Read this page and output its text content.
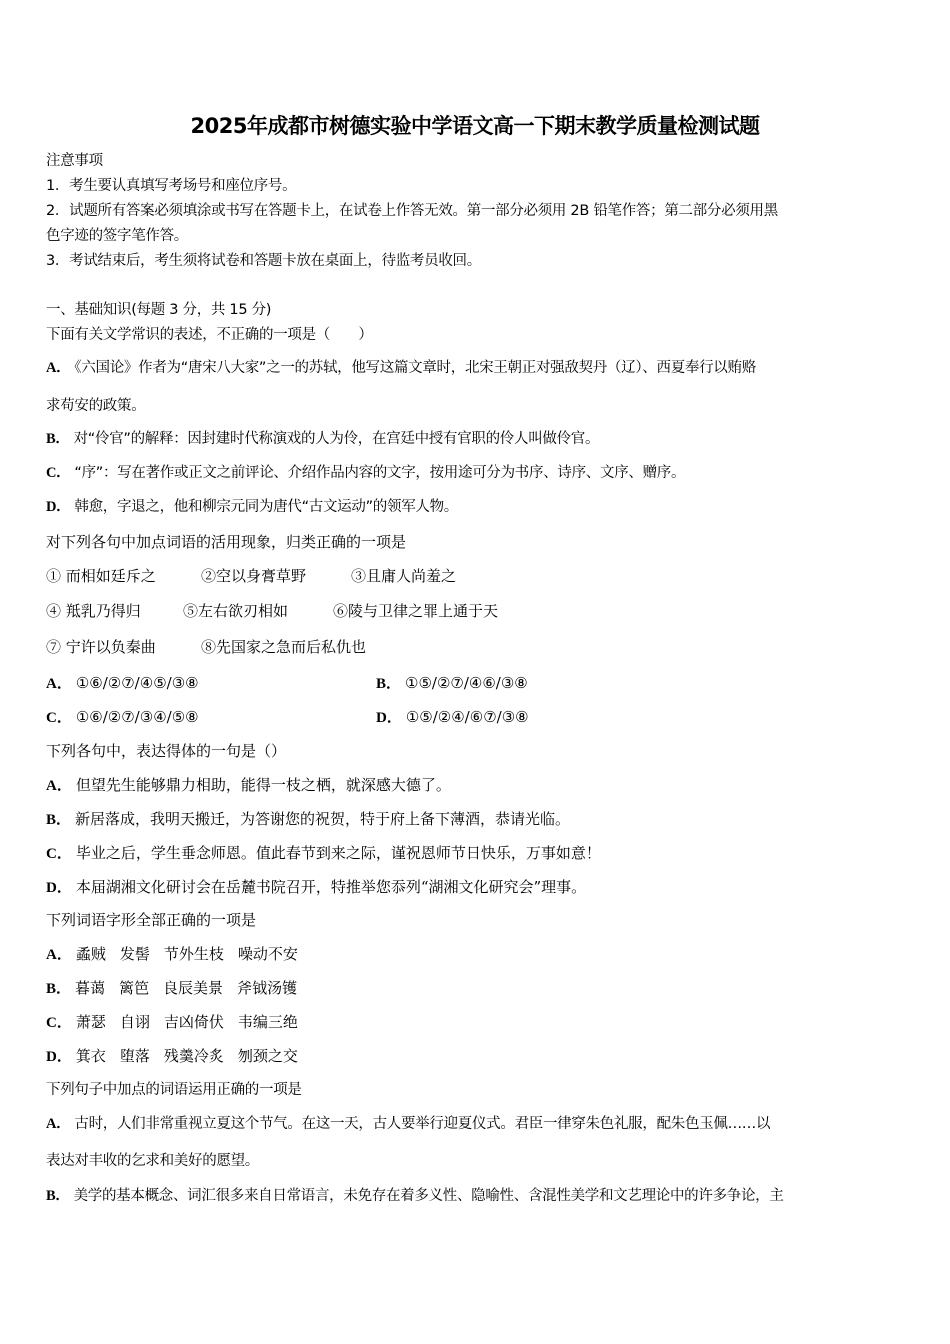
2025年成都市树德实验中学语文高一下期末教学质量检测试题
注意事项
1．考生要认真填写考场号和座位序号。
2．试题所有答案必须填涂或书写在答题卡上，在试卷上作答无效。第一部分必须用 2B 铅笔作答；第二部分必须用黑
色字迹的签字笔作答。
3．考试结束后，考生须将试卷和答题卡放在桌面上，待监考员收回。
一、基础知识(每题 3 分，共 15 分)
下面有关文学常识的表述，不正确的一项是（　　）
A． 《六国论》作者为“唐宋八大家”之一的苏轼，他写这篇文章时，北宋王朝正对强敌契丹（辽）、西夏奉行以贿赂
求苟安的政策。
B． 对“伶官”的解释：因封建时代称演戏的人为伶，在宫廷中授有官职的伶人叫做伶官。
C． “序”：写在著作或正文之前评论、介绍作品内容的文字，按用途可分为书序、诗序、文序、赠序。
D． 韩愈，字退之，他和柳宗元同为唐代“古文运动”的领军人物。
对下列各句中加点词语的活用现象，归类正确的一项是
① 而相如廷斥之	②空以身膏草野	③且庸人尚羞之
④ 羝乳乃得归	⑤左右欲刃相如	⑥陵与卫律之罪上通于天
⑦ 宁许以负秦曲	⑧先国家之急而后私仇也
A． ①⑥/②⑦/④⑤/③⑧	B． ①⑤/②⑦/④⑥/③⑧
C． ①⑥/②⑦/③④/⑤⑧	D． ①⑤/②④/⑥⑦/③⑧
下列各句中，表达得体的一句是（）
A． 但望先生能够鼎力相助，能得一枝之栖，就深感大德了。
B． 新居落成，我明天搬迁，为答谢您的祝贺，特于府上备下薄酒，恭请光临。
C． 毕业之后，学生垂念师恩。值此春节到来之际，谨祝恩师节日快乐，万事如意！
D． 本届湖湘文化研讨会在岳麓书院召开，特推举您忝列“湖湘文化研究会”理事。
下列词语字形全部正确的一项是
A． 蟊贼 发髻 节外生枝 噪动不安
B． 暮蔼 篱笆 良辰美景 斧钺汤镬
C． 萧瑟 自诩 吉凶倚伏 韦编三绝
D． 箕衣 堕落 残羹冷炙 刎颈之交
下列句子中加点的词语运用正确的一项是
A． 古时，人们非常重视立夏这个节气。在这一天，古人要举行迎夏仪式。君臣一律穿朱色礼服，配朱色玉佩……以
表达对丰收的乞求和美好的愿望。
B． 美学的基本概念、词汇很多来自日常语言，未免存在着多义性、隐喻性、含混性美学和文艺理论中的许多争论，主
